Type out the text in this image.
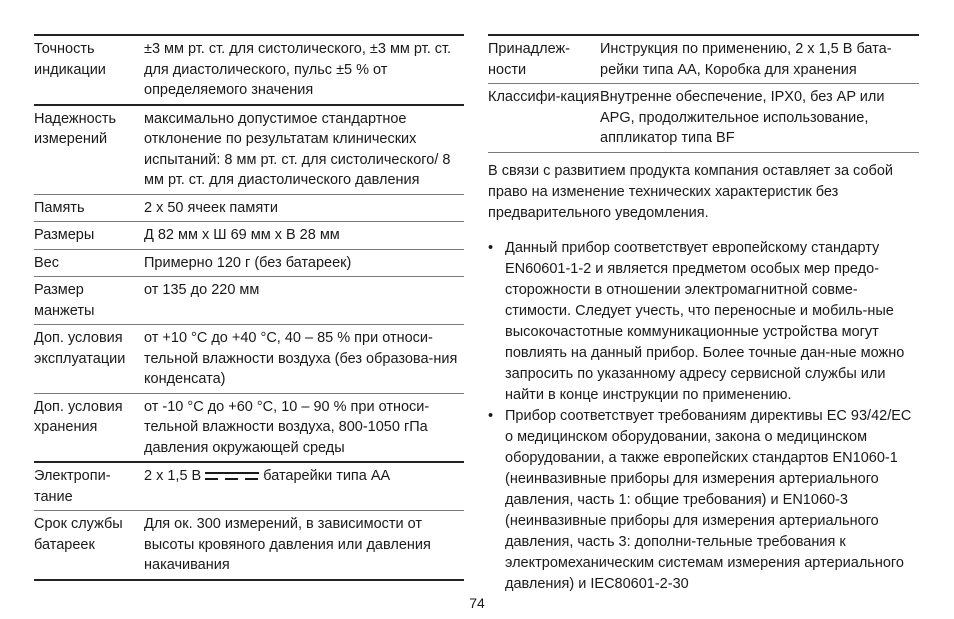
Точность индикации	±3 мм рт. ст. для систолического, ±3 мм рт. ст. для диастолического, пульс ±5 % от определяемого значения
Надежность измерений	максимально допустимое стандартное отклонение по результатам клинических испытаний: 8 мм рт. ст. для систолического/ 8 мм рт. ст. для диастолического давления
Память	2 x 50 ячеек памяти
Размеры	Д 82 мм x Ш 69 мм x В 28 мм
Вес	Примерно 120 г (без батареек)
Размер манжеты	от 135 до 220 мм
Доп. условия эксплуатации	от +10 °C до +40 °C, 40 – 85 % при относи-тельной влажности воздуха (без образова-ния конденсата)
Доп. условия хранения	от -10 °C до +60 °C, 10 – 90 % при относи-тельной влажности воздуха, 800-1050 гПа давления окружающей среды
Электропи-тание	2 x 1,5 В батарейки типа AA
Срок службы батареек	Для ок. 300 измерений, в зависимости от высоты кровяного давления или давления накачивания
Принадлеж-ности	Инструкция по применению, 2 x 1,5 В бата-рейки типа AA, Коробка для хранения
Классифи-кация	Внутренне обеспечение, IPX0, без AP или APG, продолжительное использование, аппликатор типа BF

В связи с развитием продукта компания оставляет за собой право на изменение технических характеристик без предварительного уведомления.

• Данный прибор соответствует европейскому стандарту EN60601-1-2 и является предметом особых мер предо-сторожности в отношении электромагнитной совме-стимости. Следует учесть, что переносные и мобиль-ные высокочастотные коммуникационные устройства могут повлиять на данный прибор. Более точные дан-ные можно запросить по указанному адресу сервисной службы или найти в конце инструкции по применению.
• Прибор соответствует требованиям директивы EC 93/42/EC о медицинском оборудовании, закона о медицинском оборудовании, а также европейских стандартов EN1060-1 (неинвазивные приборы для измерения артериального давления, часть 1: общие требования) и EN1060-3 (неинвазивные приборы для измерения артериального давления, часть 3: дополни-тельные требования к электромеханическим системам измерения артериального давления) и IEC80601-2-30
74
